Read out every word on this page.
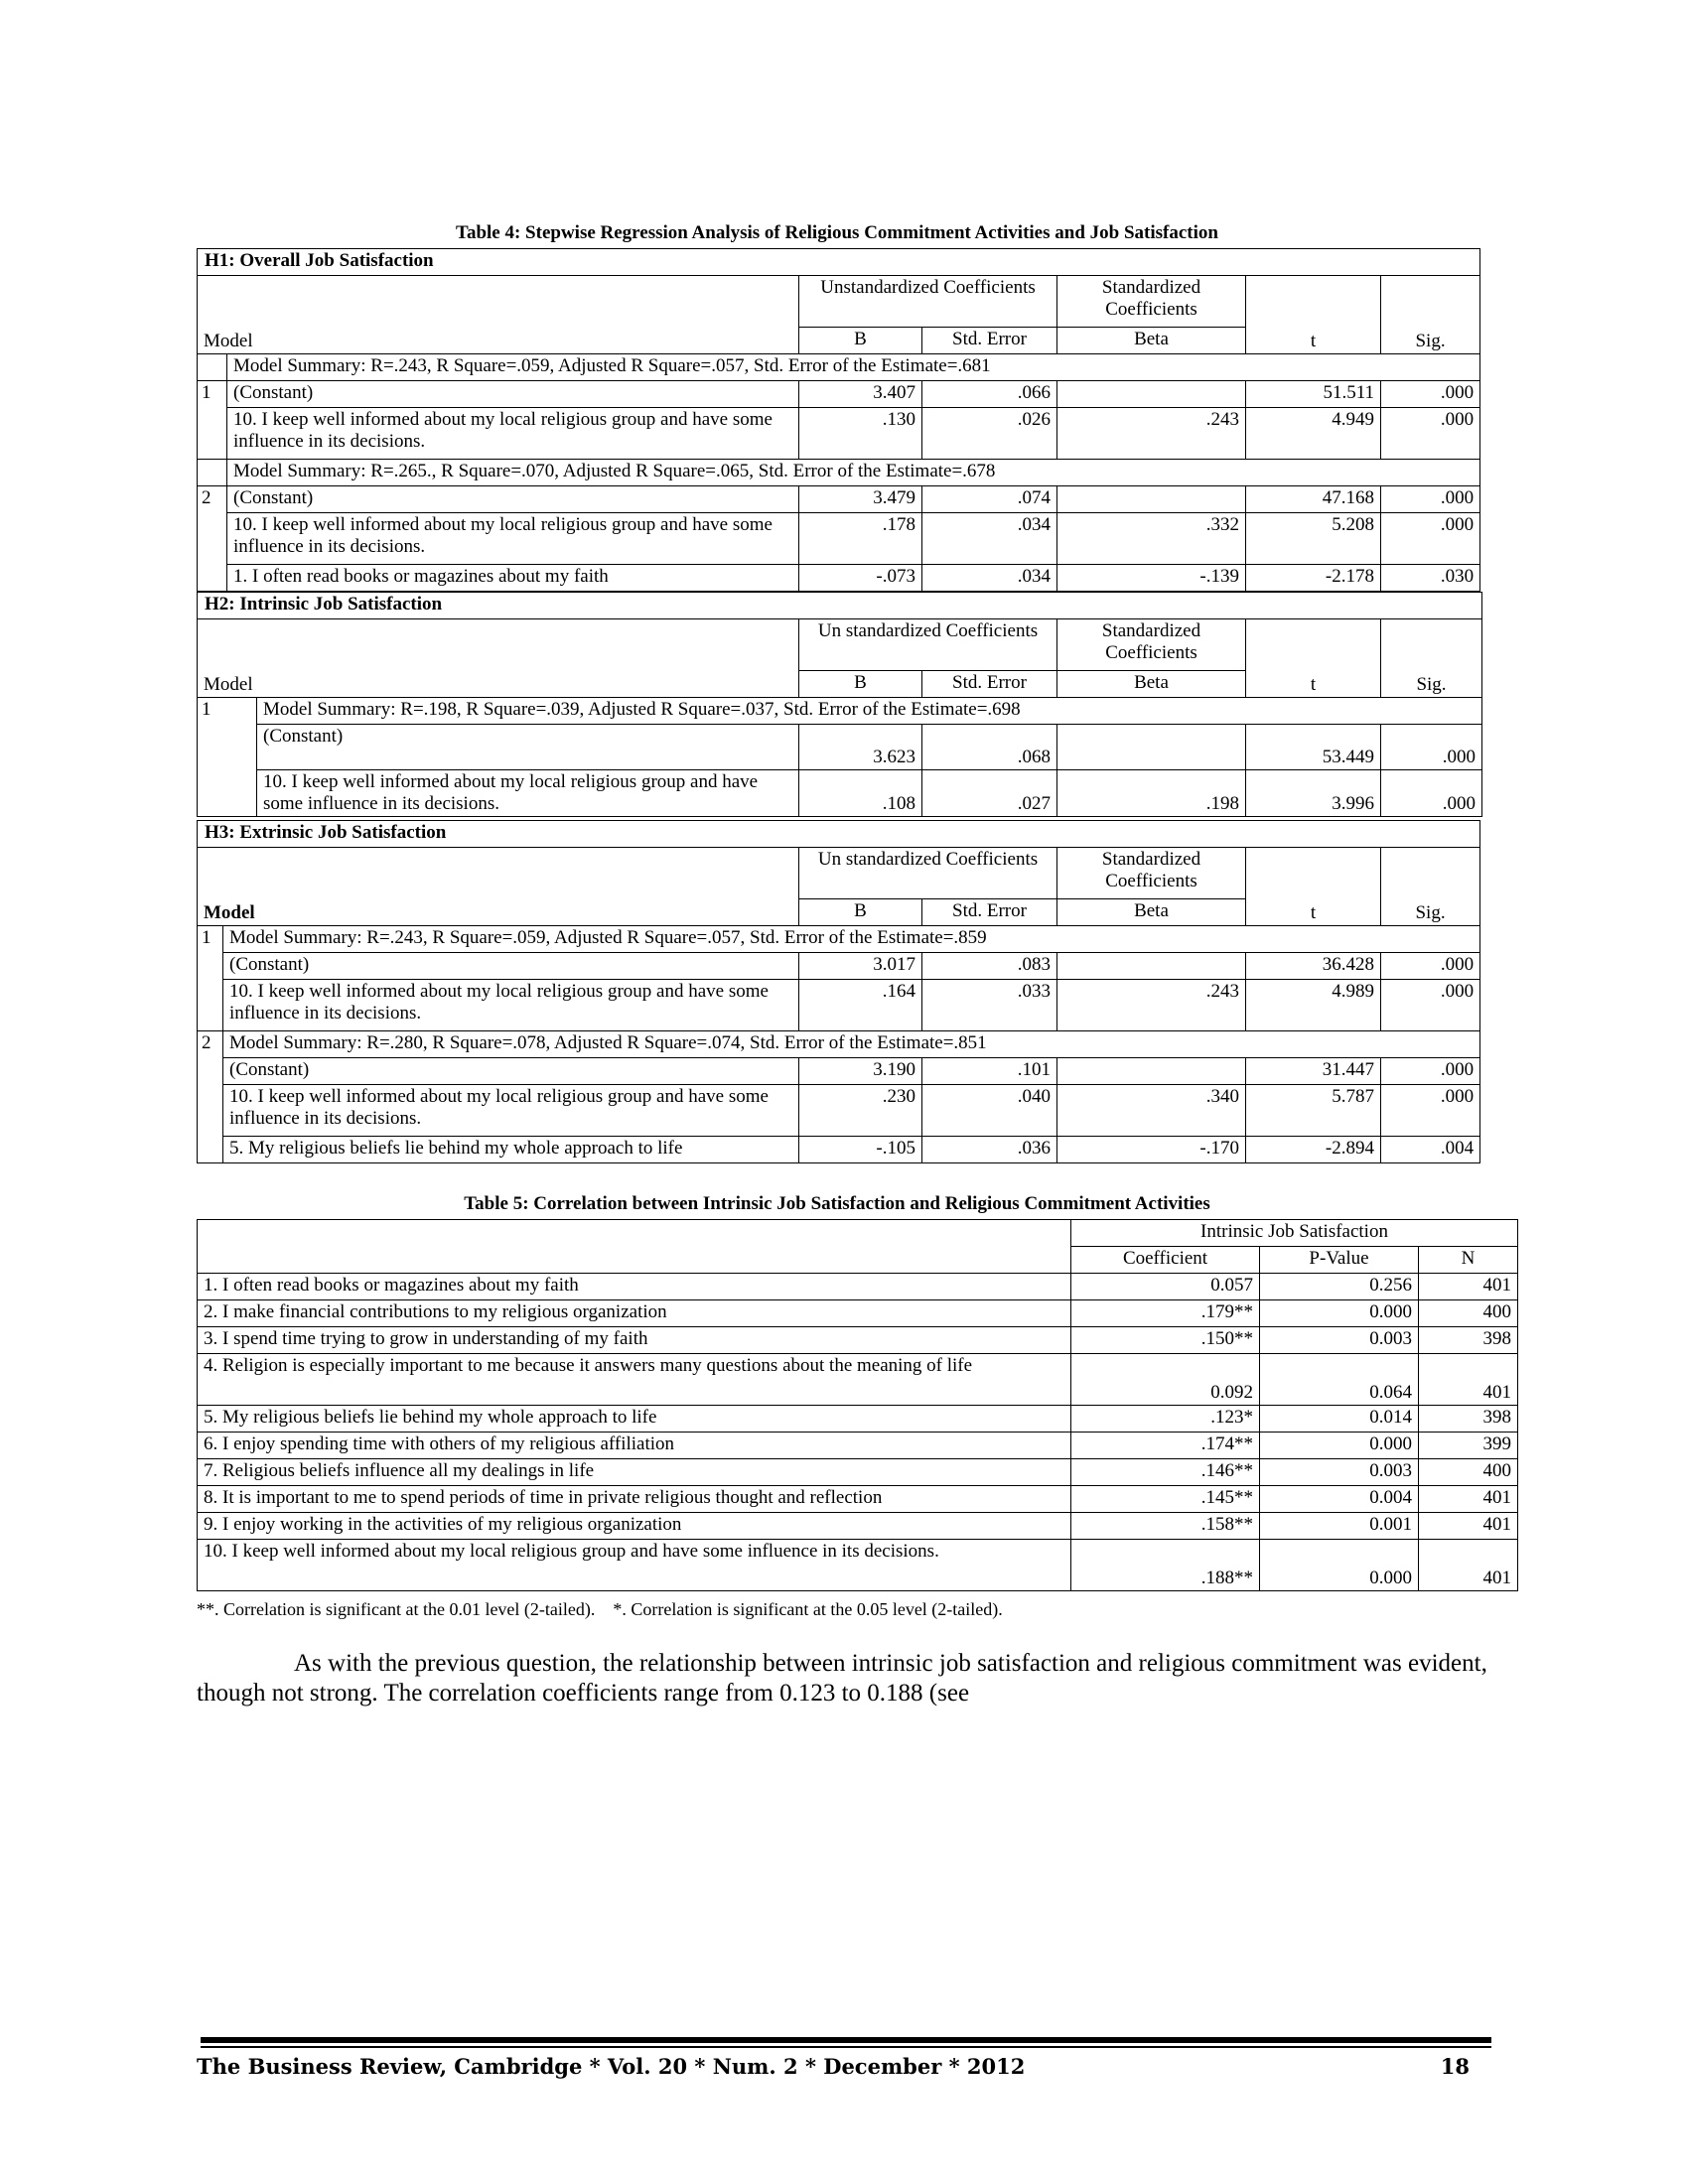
Table 4: Stepwise Regression Analysis of Religious Commitment Activities and Job Satisfaction
H1: Overall Job Satisfaction						
Model		Unstandardized Coefficients		Standardized Coefficients	t	Sig.
		B	Std. Error	Beta		
	Model Summary: R=.243, R Square=.059, Adjusted R Square=.057, Std. Error of the Estimate=.681					
1	(Constant)	3.407	.066		51.511	.000
	10. I keep well informed about my local religious group and have some influence in its decisions.	.130	.026	.243	4.949	.000
	Model Summary: R=.265., R Square=.070, Adjusted R Square=.065, Std. Error of the Estimate=.678					
2	(Constant)	3.479	.074		47.168	.000
	10. I keep well informed about my local religious group and have some influence in its decisions.	.178	.034	.332	5.208	.000
	1. I often read books or magazines about my faith	-.073	.034	-.139	-2.178	.030
H2: Intrinsic Job Satisfaction						
Model		Un standardized Coefficients		Standardized Coefficients	t	Sig.
		B	Std. Error	Beta		
1	Model Summary: R=.198, R Square=.039, Adjusted R Square=.037, Std. Error of the Estimate=.698					
	(Constant)	3.623	.068		53.449	.000
	10. I keep well informed about my local religious group and have some influence in its decisions.	.108	.027	.198	3.996	.000
H3: Extrinsic Job Satisfaction						
Model		Un standardized Coefficients		Standardized Coefficients	t	Sig.
		B	Std. Error	Beta		
1	Model Summary: R=.243, R Square=.059, Adjusted R Square=.057, Std. Error of the Estimate=.859					
	(Constant)	3.017	.083		36.428	.000
	10. I keep well informed about my local religious group and have some influence in its decisions.	.164	.033	.243	4.989	.000
2	Model Summary: R=.280, R Square=.078, Adjusted R Square=.074, Std. Error of the Estimate=.851					
	(Constant)	3.190	.101		31.447	.000
	10. I keep well informed about my local religious group and have some influence in its decisions.	.230	.040	.340	5.787	.000
	5. My religious beliefs lie behind my whole approach to life	-.105	.036	-.170	-2.894	.004
Table 5: Correlation between Intrinsic Job Satisfaction and Religious Commitment Activities
	Intrinsic Job Satisfaction		
	Coefficient	P-Value	N
1. I often read books or magazines about my faith	0.057	0.256	401
2. I make financial contributions to my religious organization	.179**	0.000	400
3. I spend time trying to grow in understanding of my faith	.150**	0.003	398
4. Religion is especially important to me because it answers many questions about the meaning of life	0.092	0.064	401
5. My religious beliefs lie behind my whole approach to life	.123*	0.014	398
6. I enjoy spending time with others of my religious affiliation	.174**	0.000	399
7. Religious beliefs influence all my dealings in life	.146**	0.003	400
8. It is important to me to spend periods of time in private religious thought and reflection	.145**	0.004	401
9. I enjoy working in the activities of my religious organization	.158**	0.001	401
10. I keep well informed about my local religious group and have some influence in its decisions.	.188**	0.000	401
**. Correlation is significant at the 0.01 level (2-tailed).    *. Correlation is significant at the 0.05 level (2-tailed).

As with the previous question, the relationship between intrinsic job satisfaction and religious commitment was evident, though not strong. The correlation coefficients range from 0.123 to 0.188 (see

The Business Review, Cambridge * Vol. 20 * Num. 2 * December * 2012	18
